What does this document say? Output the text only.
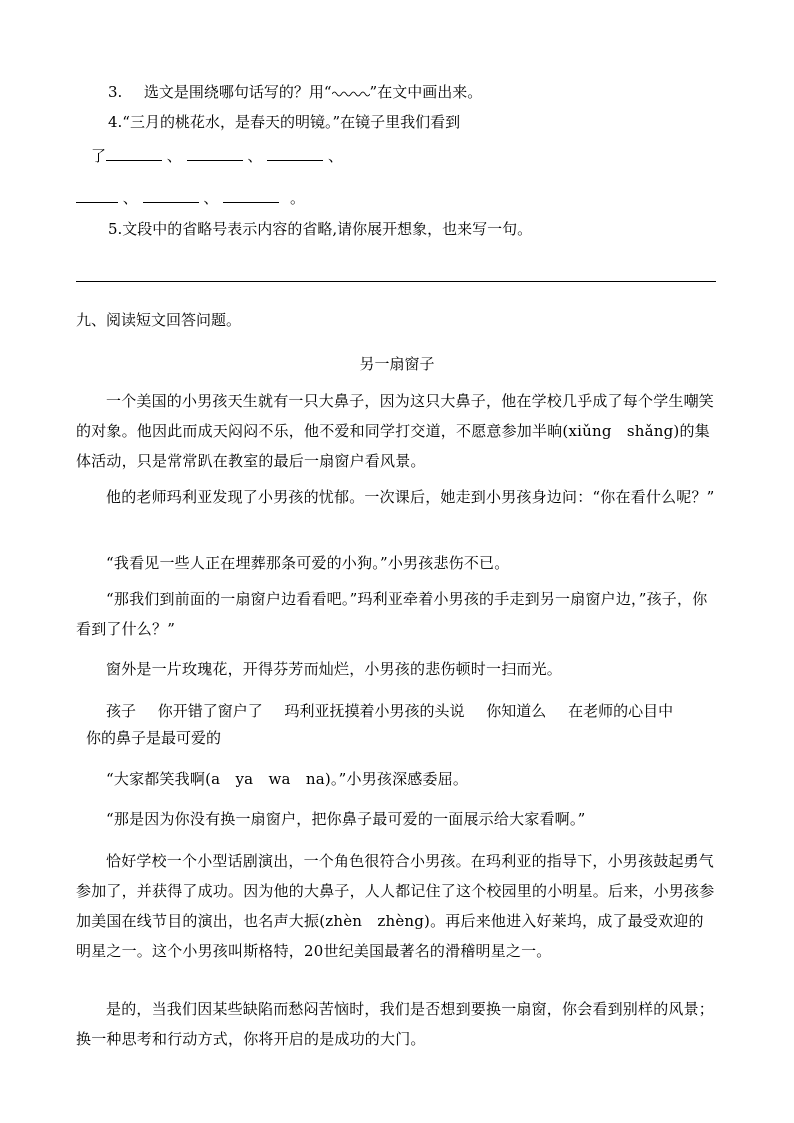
3. 选文是围绕哪句话写的？用“	”在文中画出来。
4.“三月的桃花水，是春天的明镜。”在镜子里我们看到
了	、	、	、
、	、	。
5.文段中的省略号表示内容的省略,请你展开想象，也来写一句。
九、阅读短文回答问题。
另一扇窗子
一个美国的小男孩天生就有一只大鼻子，因为这只大鼻子，他在学校几乎成了每个学生嘲笑的对象。他因此而成天闷闷不乐，他不爱和同学打交道，不愿意参加半晌(xiǔng　shǎng)的集体活动，只是常常趴在教室的最后一扇窗户看风景。
他的老师玛利亚发现了小男孩的忧郁。一次课后，她走到小男孩身边问：“你在看什么呢？”
“我看见一些人正在埋葬那条可爱的小狗。”小男孩悲伤不已。
“那我们到前面的一扇窗户边看看吧。”玛利亚牵着小男孩的手走到另一扇窗户边，”孩子，你看到了什么？”
窗外是一片玫瑰花，开得芬芳而灿烂，小男孩的悲伤顿时一扫而光。
孩子　 你开错了窗户了　 玛利亚抚摸着小男孩的头说　 你知道么　 在老师的心目中
你的鼻子是最可爱的
“大家都笑我啊(a　ya　wa　na)。”小男孩深感委屈。
“那是因为你没有换一扇窗户，把你鼻子最可爱的一面展示给大家看啊。”
恰好学校一个小型话剧演出，一个角色很符合小男孩。在玛利亚的指导下，小男孩鼓起勇气参加了，并获得了成功。因为他的大鼻子，人人都记住了这个校园里的小明星。后来，小男孩参加美国在线节目的演出，也名声大振(zhèn　zhèng)。再后来他进入好莱坞，成了最受欢迎的明星之一。这个小男孩叫斯格特，20世纪美国最著名的滑稽明星之一。
是的，当我们因某些缺陷而愁闷苦恼时，我们是否想到要换一扇窗，你会看到别样的风景；换一种思考和行动方式，你将开启的是成功的大门。
